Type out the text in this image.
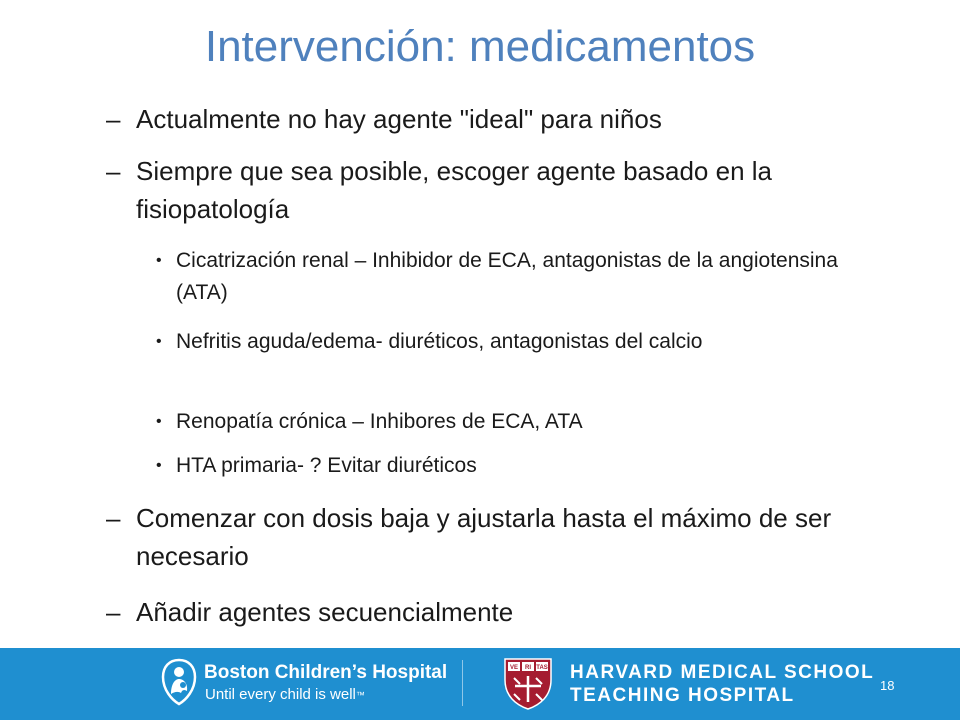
Intervención: medicamentos
– Actualmente no hay agente "ideal" para niños
– Siempre que sea posible, escoger agente basado en la fisiopatología
• Cicatrización renal – Inhibidor de ECA, antagonistas de la angiotensina (ATA)
• Nefritis aguda/edema- diuréticos, antagonistas del calcio
• Renopatía crónica – Inhibores de ECA, ATA
• HTA primaria- ? Evitar diuréticos
– Comenzar con dosis baja y ajustarla hasta el máximo de ser necesario
– Añadir agentes secuencialmente
Boston Children’s Hospital
Until every child is well™
VE RI TAS HARVARD MEDICAL SCHOOL
TEACHING HOSPITAL	18
